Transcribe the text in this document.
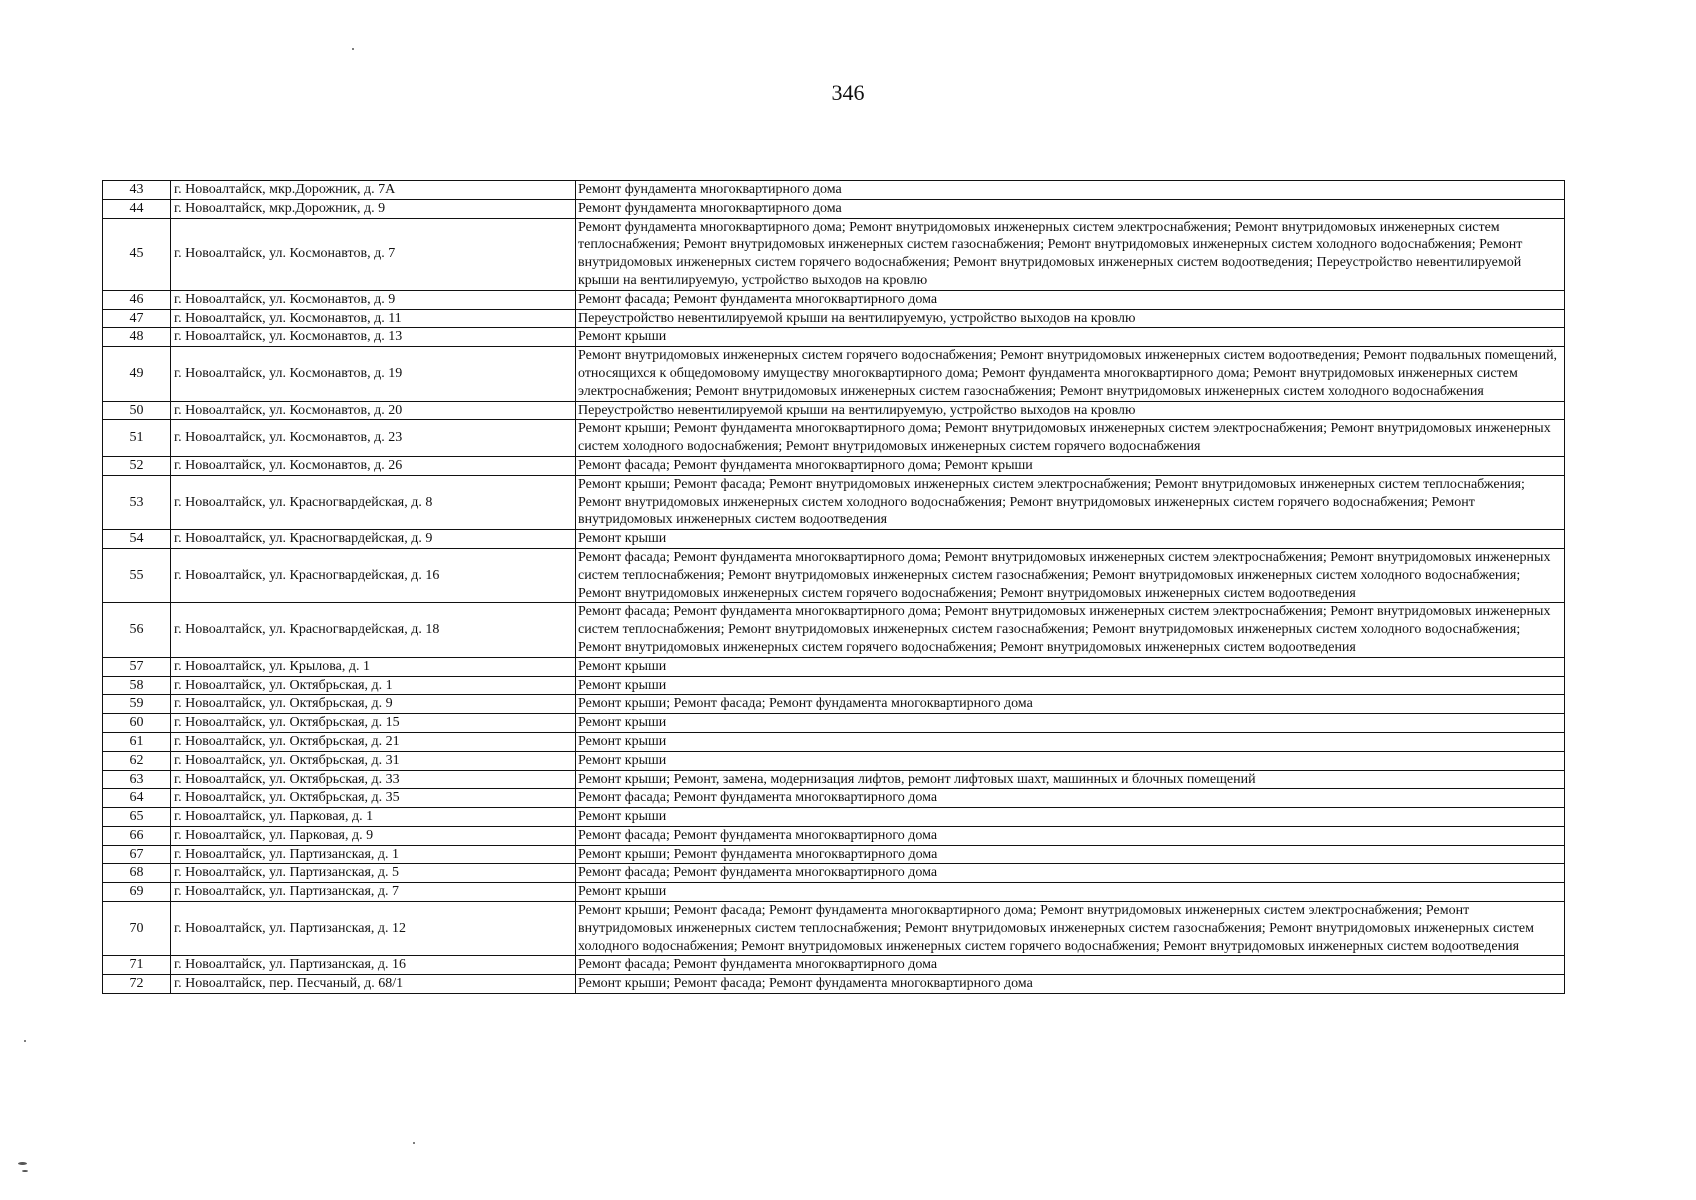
346
43	г. Новоалтайск, мкр.Дорожник, д. 7А	Ремонт фундамента многоквартирного дома
44	г. Новоалтайск, мкр.Дорожник, д. 9	Ремонт фундамента многоквартирного дома
45	г. Новоалтайск, ул. Космонавтов, д. 7	Ремонт фундамента многоквартирного дома; Ремонт внутридомовых инженерных систем электроснабжения; Ремонт внутридомовых инженерных систем теплоснабжения; Ремонт внутридомовых инженерных систем газоснабжения; Ремонт внутридомовых инженерных систем холодного водоснабжения; Ремонт внутридомовых инженерных систем горячего водоснабжения; Ремонт внутридомовых инженерных систем водоотведения; Переустройство невентилируемой крыши на вентилируемую, устройство выходов на кровлю
46	г. Новоалтайск, ул. Космонавтов, д. 9	Ремонт фасада; Ремонт фундамента многоквартирного дома
47	г. Новоалтайск, ул. Космонавтов, д. 11	Переустройство невентилируемой крыши на вентилируемую, устройство выходов на кровлю
48	г. Новоалтайск, ул. Космонавтов, д. 13	Ремонт крыши
49	г. Новоалтайск, ул. Космонавтов, д. 19	Ремонт внутридомовых инженерных систем горячего водоснабжения; Ремонт внутридомовых инженерных систем водоотведения; Ремонт подвальных помещений, относящихся к общедомовому имуществу многоквартирного дома; Ремонт фундамента многоквартирного дома; Ремонт внутридомовых инженерных систем электроснабжения; Ремонт внутридомовых инженерных систем газоснабжения; Ремонт внутридомовых инженерных систем холодного водоснабжения
50	г. Новоалтайск, ул. Космонавтов, д. 20	Переустройство невентилируемой крыши на вентилируемую, устройство выходов на кровлю
51	г. Новоалтайск, ул. Космонавтов, д. 23	Ремонт крыши; Ремонт фундамента многоквартирного дома; Ремонт внутридомовых инженерных систем электроснабжения; Ремонт внутридомовых инженерных систем холодного водоснабжения; Ремонт внутридомовых инженерных систем горячего водоснабжения
52	г. Новоалтайск, ул. Космонавтов, д. 26	Ремонт фасада; Ремонт фундамента многоквартирного дома; Ремонт крыши
53	г. Новоалтайск, ул. Красногвардейская, д. 8	Ремонт крыши; Ремонт фасада; Ремонт внутридомовых инженерных систем электроснабжения; Ремонт внутридомовых инженерных систем теплоснабжения; Ремонт внутридомовых инженерных систем холодного водоснабжения; Ремонт внутридомовых инженерных систем горячего водоснабжения; Ремонт внутридомовых инженерных систем водоотведения
54	г. Новоалтайск, ул. Красногвардейская, д. 9	Ремонт крыши
55	г. Новоалтайск, ул. Красногвардейская, д. 16	Ремонт фасада; Ремонт фундамента многоквартирного дома; Ремонт внутридомовых инженерных систем электроснабжения; Ремонт внутридомовых инженерных систем теплоснабжения; Ремонт внутридомовых инженерных систем газоснабжения; Ремонт внутридомовых инженерных систем холодного водоснабжения; Ремонт внутридомовых инженерных систем горячего водоснабжения; Ремонт внутридомовых инженерных систем водоотведения
56	г. Новоалтайск, ул. Красногвардейская, д. 18	Ремонт фасада; Ремонт фундамента многоквартирного дома; Ремонт внутридомовых инженерных систем электроснабжения; Ремонт внутридомовых инженерных систем теплоснабжения; Ремонт внутридомовых инженерных систем газоснабжения; Ремонт внутридомовых инженерных систем холодного водоснабжения; Ремонт внутридомовых инженерных систем горячего водоснабжения; Ремонт внутридомовых инженерных систем водоотведения
57	г. Новоалтайск, ул. Крылова, д. 1	Ремонт крыши
58	г. Новоалтайск, ул. Октябрьская, д. 1	Ремонт крыши
59	г. Новоалтайск, ул. Октябрьская, д. 9	Ремонт крыши; Ремонт фасада; Ремонт фундамента многоквартирного дома
60	г. Новоалтайск, ул. Октябрьская, д. 15	Ремонт крыши
61	г. Новоалтайск, ул. Октябрьская, д. 21	Ремонт крыши
62	г. Новоалтайск, ул. Октябрьская, д. 31	Ремонт крыши
63	г. Новоалтайск, ул. Октябрьская, д. 33	Ремонт крыши; Ремонт, замена, модернизация лифтов, ремонт лифтовых шахт, машинных и блочных помещений
64	г. Новоалтайск, ул. Октябрьская, д. 35	Ремонт фасада; Ремонт фундамента многоквартирного дома
65	г. Новоалтайск, ул. Парковая, д. 1	Ремонт крыши
66	г. Новоалтайск, ул. Парковая, д. 9	Ремонт фасада; Ремонт фундамента многоквартирного дома
67	г. Новоалтайск, ул. Партизанская, д. 1	Ремонт крыши; Ремонт фундамента многоквартирного дома
68	г. Новоалтайск, ул. Партизанская, д. 5	Ремонт фасада; Ремонт фундамента многоквартирного дома
69	г. Новоалтайск, ул. Партизанская, д. 7	Ремонт крыши
70	г. Новоалтайск, ул. Партизанская, д. 12	Ремонт крыши; Ремонт фасада; Ремонт фундамента многоквартирного дома; Ремонт внутридомовых инженерных систем электроснабжения; Ремонт внутридомовых инженерных систем теплоснабжения; Ремонт внутридомовых инженерных систем газоснабжения; Ремонт внутридомовых инженерных систем холодного водоснабжения; Ремонт внутридомовых инженерных систем горячего водоснабжения; Ремонт внутридомовых инженерных систем водоотведения
71	г. Новоалтайск, ул. Партизанская, д. 16	Ремонт фасада; Ремонт фундамента многоквартирного дома
72	г. Новоалтайск, пер. Песчаный, д. 68/1	Ремонт крыши; Ремонт фасада; Ремонт фундамента многоквартирного дома
